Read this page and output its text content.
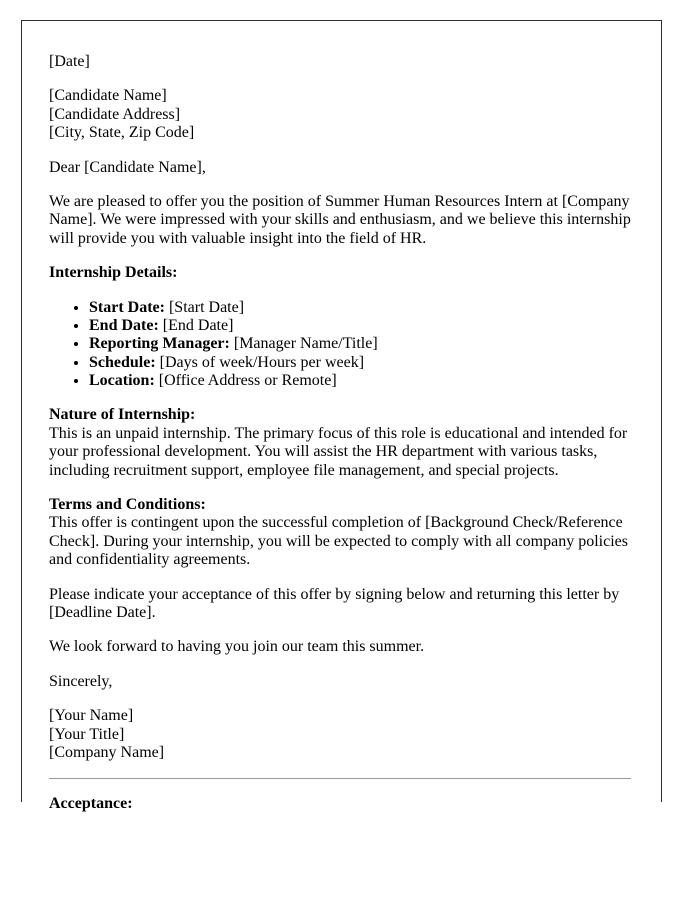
[Date]

[Candidate Name]
[Candidate Address]
[City, State, Zip Code]

Dear [Candidate Name],

We are pleased to offer you the position of Summer Human Resources Intern at [Company Name]. We were impressed with your skills and enthusiasm, and we believe this internship will provide you with valuable insight into the field of HR.

Internship Details:

• Start Date: [Start Date]
• End Date: [End Date]
• Reporting Manager: [Manager Name/Title]
• Schedule: [Days of week/Hours per week]
• Location: [Office Address or Remote]

Nature of Internship:
This is an unpaid internship. The primary focus of this role is educational and intended for your professional development. You will assist the HR department with various tasks, including recruitment support, employee file management, and special projects.

Terms and Conditions:
This offer is contingent upon the successful completion of [Background Check/Reference Check]. During your internship, you will be expected to comply with all company policies and confidentiality agreements.

Please indicate your acceptance of this offer by signing below and returning this letter by [Deadline Date].

We look forward to having you join our team this summer.

Sincerely,

[Your Name]
[Your Title]
[Company Name]

Acceptance:
